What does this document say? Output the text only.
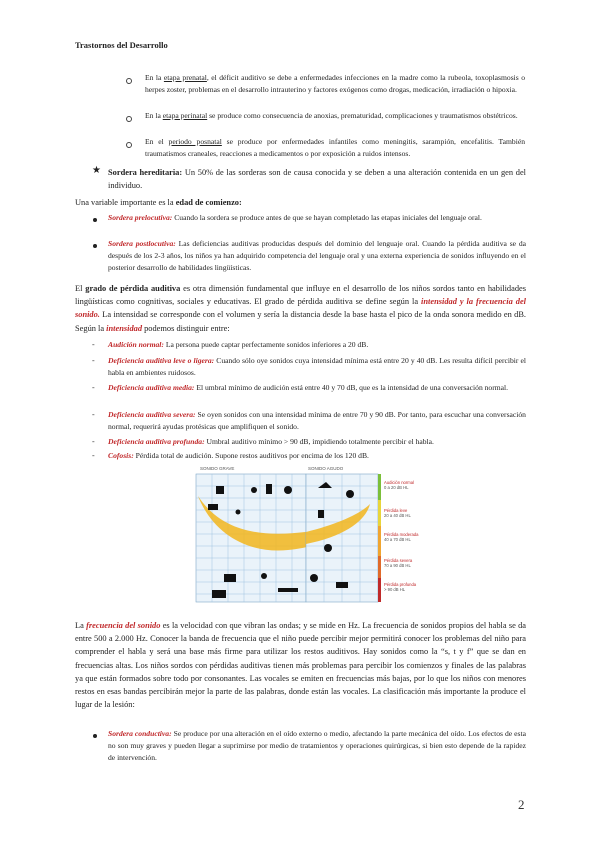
Trastornos del Desarrollo
En la etapa prenatal, el déficit auditivo se debe a enfermedades infecciones en la madre como la rubeola, toxoplasmosis o herpes zoster, problemas en el desarrollo intrauterino y factores exógenos como drogas, medicación, irradiación o hipoxia.
En la etapa perinatal se produce como consecuencia de anoxias, prematuridad, complicaciones y traumatismos obstétricos.
En el periodo posnatal se produce por enfermedades infantiles como meningitis, sarampión, encefalitis. También traumatismos craneales, reacciones a medicamentos o por exposición a ruidos intensos.
★ Sordera hereditaria: Un 50% de las sorderas son de causa conocida y se deben a una alteración contenida en un gen del individuo.
Una variable importante es la edad de comienzo:
Sordera prelocutiva: Cuando la sordera se produce antes de que se hayan completado las etapas iniciales del lenguaje oral.
Sordera postlocutiva: Las deficiencias auditivas producidas después del dominio del lenguaje oral. Cuando la pérdida auditiva se da después de los 2-3 años, los niños ya han adquirido competencia del lenguaje oral y una externa experiencia de sonidos influyendo en el posterior desarrollo de habilidades lingüísticas.
El grado de pérdida auditiva es otra dimensión fundamental que influye en el desarrollo de los niños sordos tanto en habilidades lingüísticas como cognitivas, sociales y educativas. El grado de pérdida auditiva se define según la intensidad y la frecuencia del sonido. La intensidad se corresponde con el volumen y sería la distancia desde la base hasta el pico de la onda sonora medido en dB. Según la intensidad podemos distinguir entre:
- Audición normal: La persona puede captar perfectamente sonidos inferiores a 20 dB.
- Deficiencia auditiva leve o ligera: Cuando sólo oye sonidos cuya intensidad mínima está entre 20 y 40 dB. Les resulta difícil percibir el habla en ambientes ruidosos.
- Deficiencia auditiva media: El umbral mínimo de audición está entre 40 y 70 dB, que es la intensidad de una conversación normal.
- Deficiencia auditiva severa: Se oyen sonidos con una intensidad mínima de entre 70 y 90 dB. Por tanto, para escuchar una conversación normal, requerirá ayudas protésicas que amplifiquen el sonido.
- Deficiencia auditiva profunda: Umbral auditivo mínimo > 90 dB, impidiendo totalmente percibir el habla.
- Cofosis: Pérdida total de audición. Supone restos auditivos por encima de los 120 dB.
SONIDO GRAVE	SONIDO AGUDO
Audición normal
0 a 20 dB HL
Pérdida leve
20 a 40 dB HL
Pérdida moderada
40 a 70 dB HL
Pérdida severa
70 a 90 dB HL
Pérdida profunda
> 90 dB HL
La frecuencia del sonido es la velocidad con que vibran las ondas; y se mide en Hz. La frecuencia de sonidos propios del habla se da entre 500 a 2.000 Hz. Conocer la banda de frecuencia que el niño puede percibir mejor permitirá conocer los problemas del niño para comprender el habla y será una base más firme para utilizar los restos auditivos. Hay sonidos como la “s, t y f” que se dan en frecuencias altas. Los niños sordos con pérdidas auditivas tienen más problemas para percibir los comienzos y finales de las palabras ya que están formados sobre todo por consonantes. Las vocales se emiten en frecuencias más bajas, por lo que los niños con menores restos en esas bandas percibirán mejor la parte de las palabras, donde están las vocales. La clasificación más importante la produce el lugar de la lesión:
Sordera conductiva: Se produce por una alteración en el oído externo o medio, afectando la parte mecánica del oído. Los efectos de esta no son muy graves y pueden llegar a suprimirse por medio de tratamientos y operaciones quirúrgicas, si bien esto depende de la rapidez de intervención.
2
